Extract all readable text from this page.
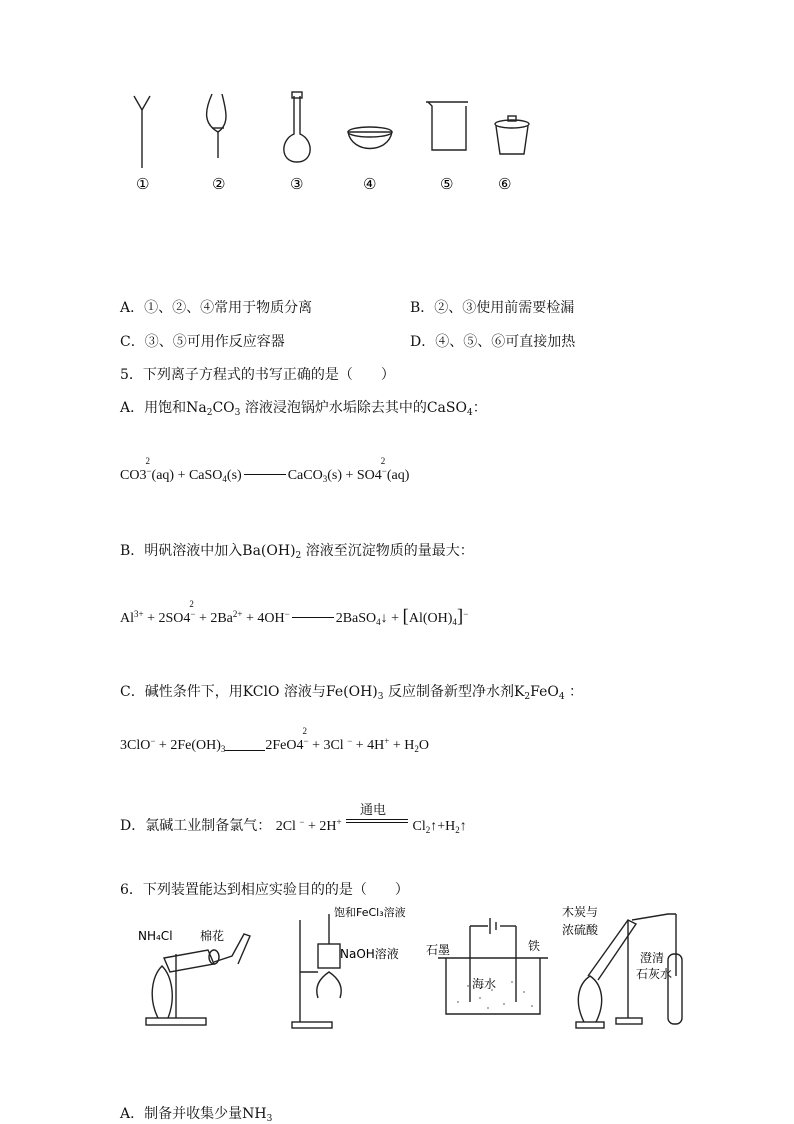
①	②	③	④	⑤	⑥
A．①、②、④常用于物质分离	B．②、③使用前需要检漏
C．③、⑤可用作反应容器	D．④、⑤、⑥可直接加热
5．下列离子方程式的书写正确的是（　　）
A．用饱和$Na_2CO_3$ 溶液浸泡锅炉水垢除去其中的CaSO$_4$：
CO3
2
−(aq) + CaSO$_4$(s)	CaCO$_3$(s) + SO4
2
−(aq)
B．明矾溶液中加入$Ba(OH)_2$ 溶液至沉淀物质的量最大：
$Al^{3+} + 2SO4$
2
$^- + 2Ba^{2+} + 4OH^-$	2BaSO$_4$↓ + $[Al(OH)_4]^-$
C．碱性条件下，用KClO 溶液与$Fe(OH)_3$ 反应制备新型净水剂$K_2FeO_4$ ：
$3ClO^- + 2Fe(OH)_3$	2FeO4
2
− + 3Cl $^- + 4H^+ + H_2O$
D．氯碱工业制备氯气： 2Cl − + 2H+
通电
$Cl_2↑+H_2↑$
6．下列装置能达到相应实验目的的是（　　）
NH₄Cl 棉花
饱和FeCl₃溶液
NaOH溶液 石墨	铁
海水
木炭与
浓硫酸
澄清
石灰水
A．制备并收集少量$NH_3$
